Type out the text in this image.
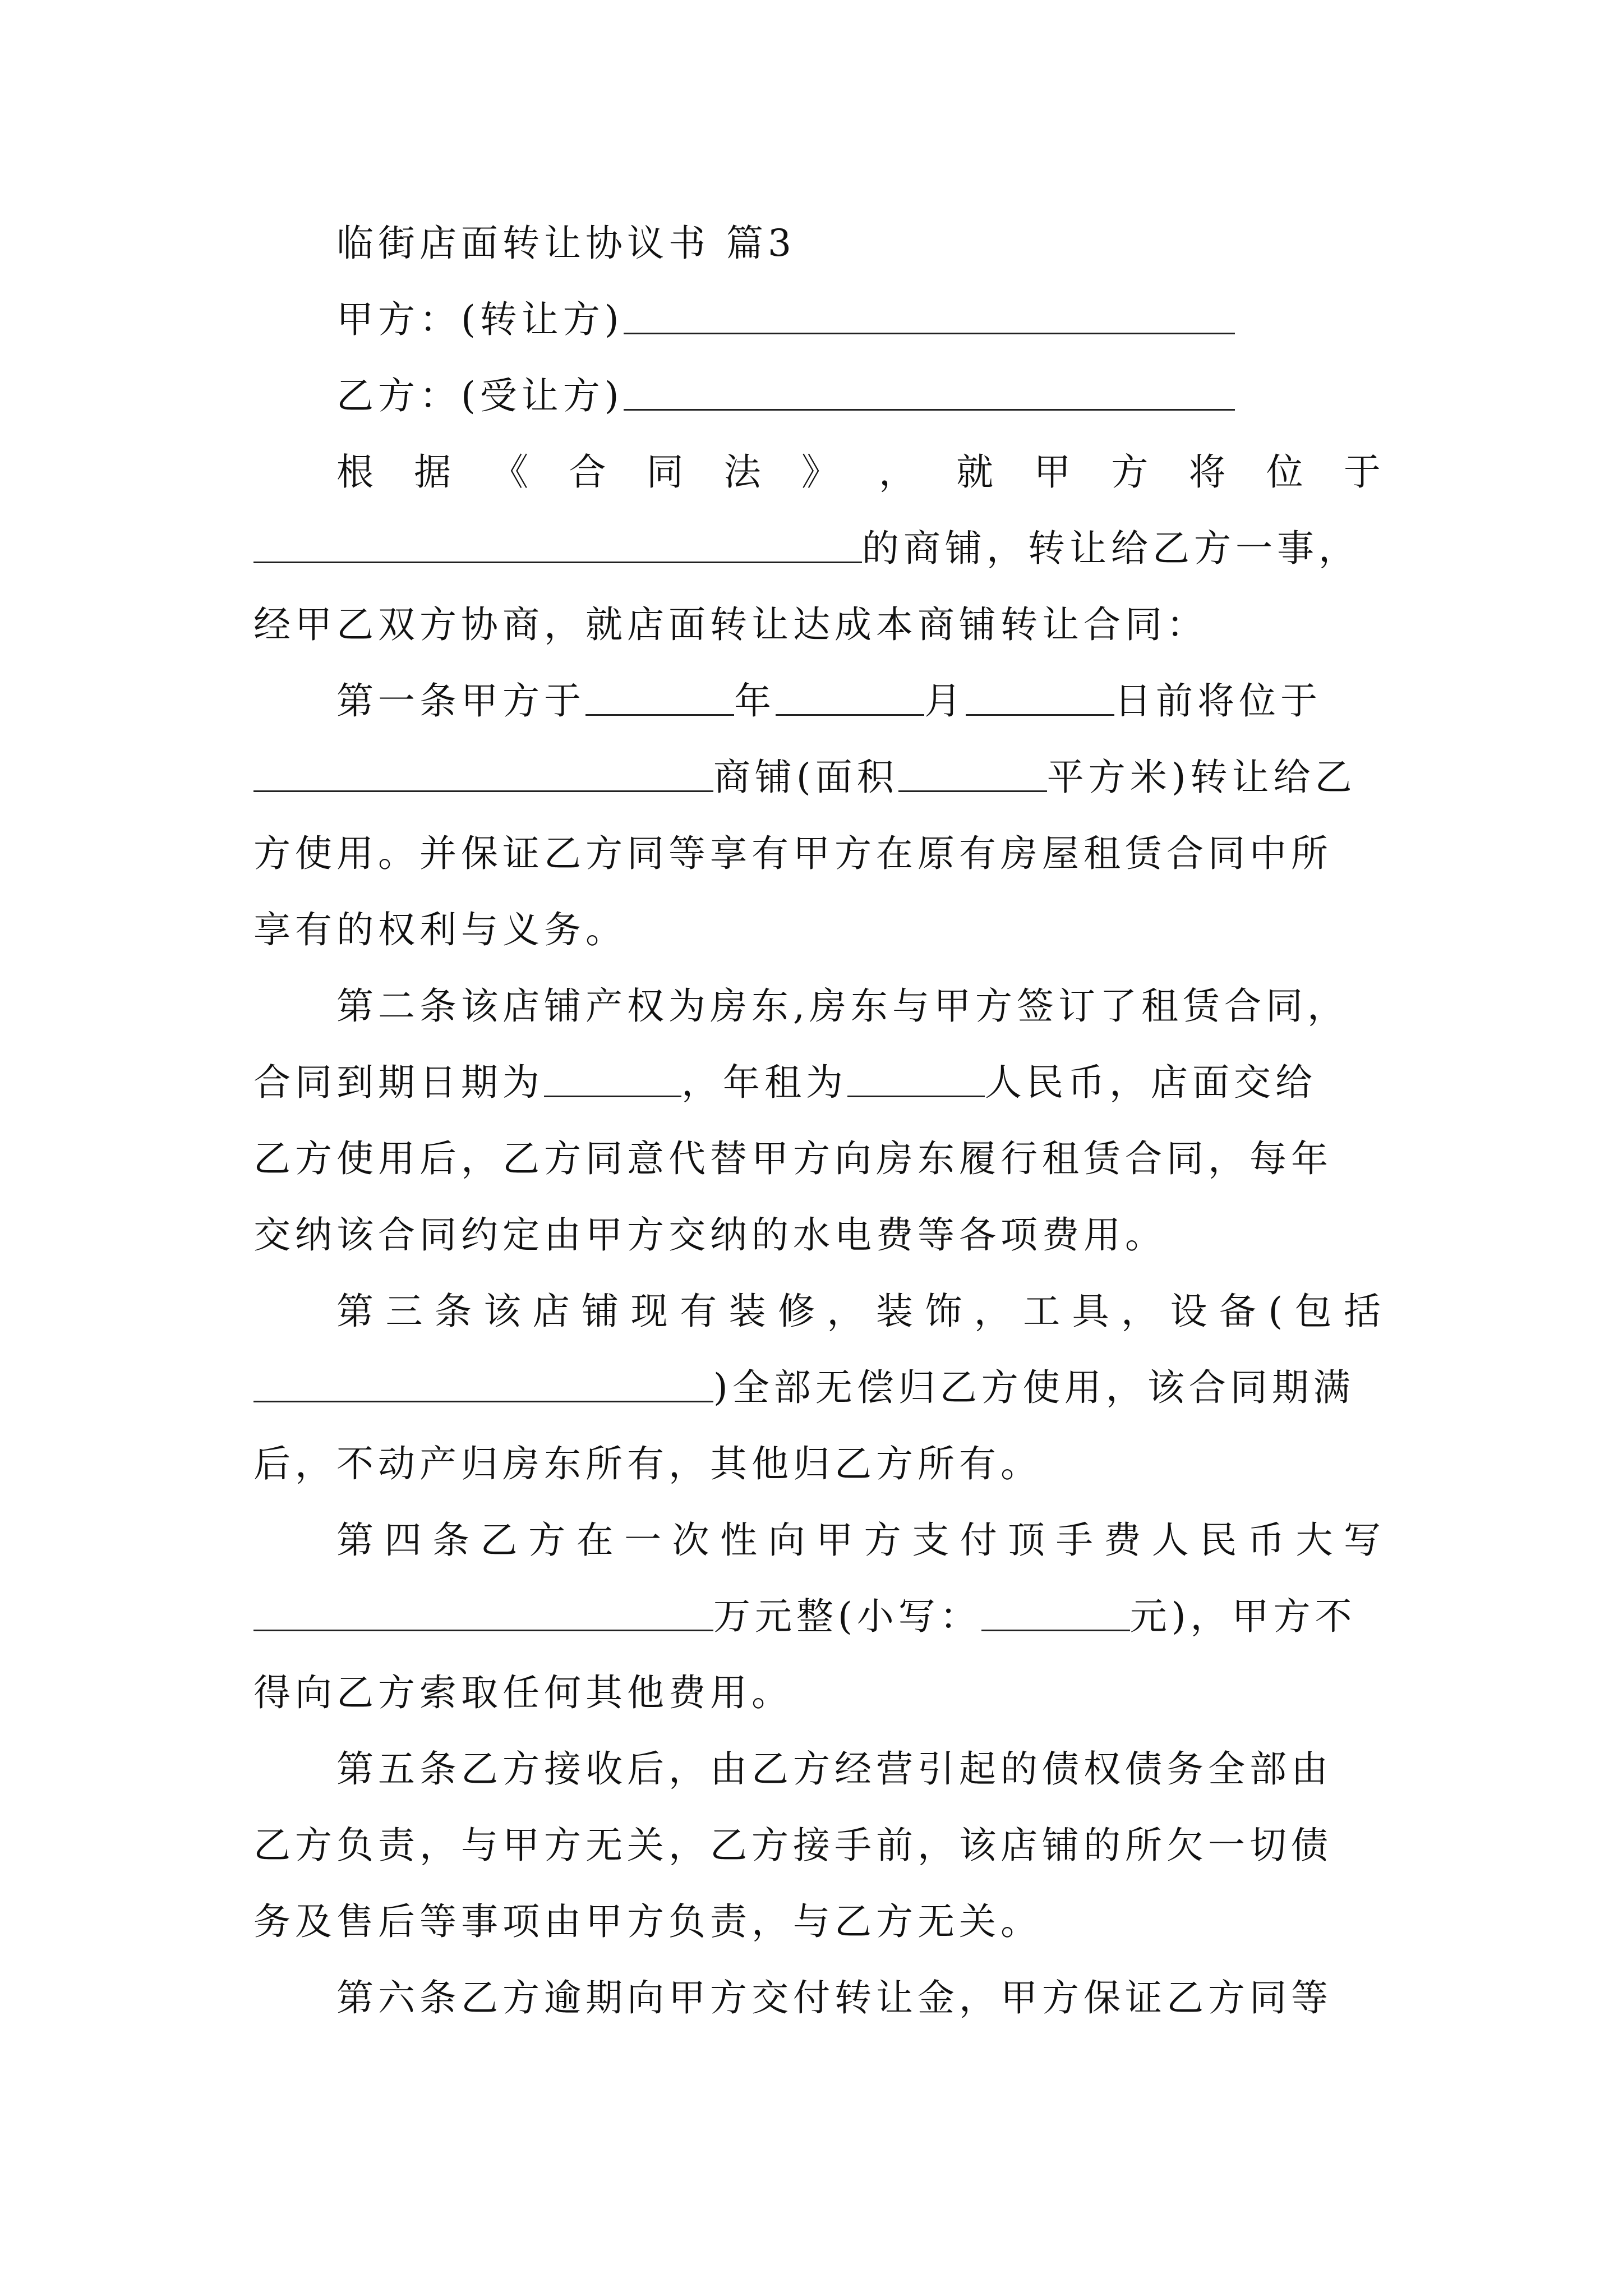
临街店面转让协议书 篇3
甲方：(转让方)
乙方：(受让方)
根 据 《 合 同 法 》 ， 就 甲 方 将 位 于
的商铺，转让给乙方一事，
经甲乙双方协商，就店面转让达成本商铺转让合同：
第一条甲方于	年	月	日前将位于
商铺(面积	平方米)转让给乙
方使用。并保证乙方同等享有甲方在原有房屋租赁合同中所
享有的权利与义务。
第二条该店铺产权为房东,房东与甲方签订了租赁合同，
合同到期日期为	，年租为	人民币，店面交给
乙方使用后，乙方同意代替甲方向房东履行租赁合同，每年
交纳该合同约定由甲方交纳的水电费等各项费用。
第 三 条 该 店 铺 现 有 装 修 ， 装 饰 ， 工 具 ， 设 备 ( 包 括
)全部无偿归乙方使用，该合同期满
后，不动产归房东所有，其他归乙方所有。
第 四 条 乙 方 在 一 次 性 向 甲 方 支 付 顶 手 费 人 民 币 大 写
万元整(小写：	元)，甲方不
得向乙方索取任何其他费用。
第五条乙方接收后，由乙方经营引起的债权债务全部由
乙方负责，与甲方无关，乙方接手前，该店铺的所欠一切债
务及售后等事项由甲方负责，与乙方无关。
第六条乙方逾期向甲方交付转让金，甲方保证乙方同等
